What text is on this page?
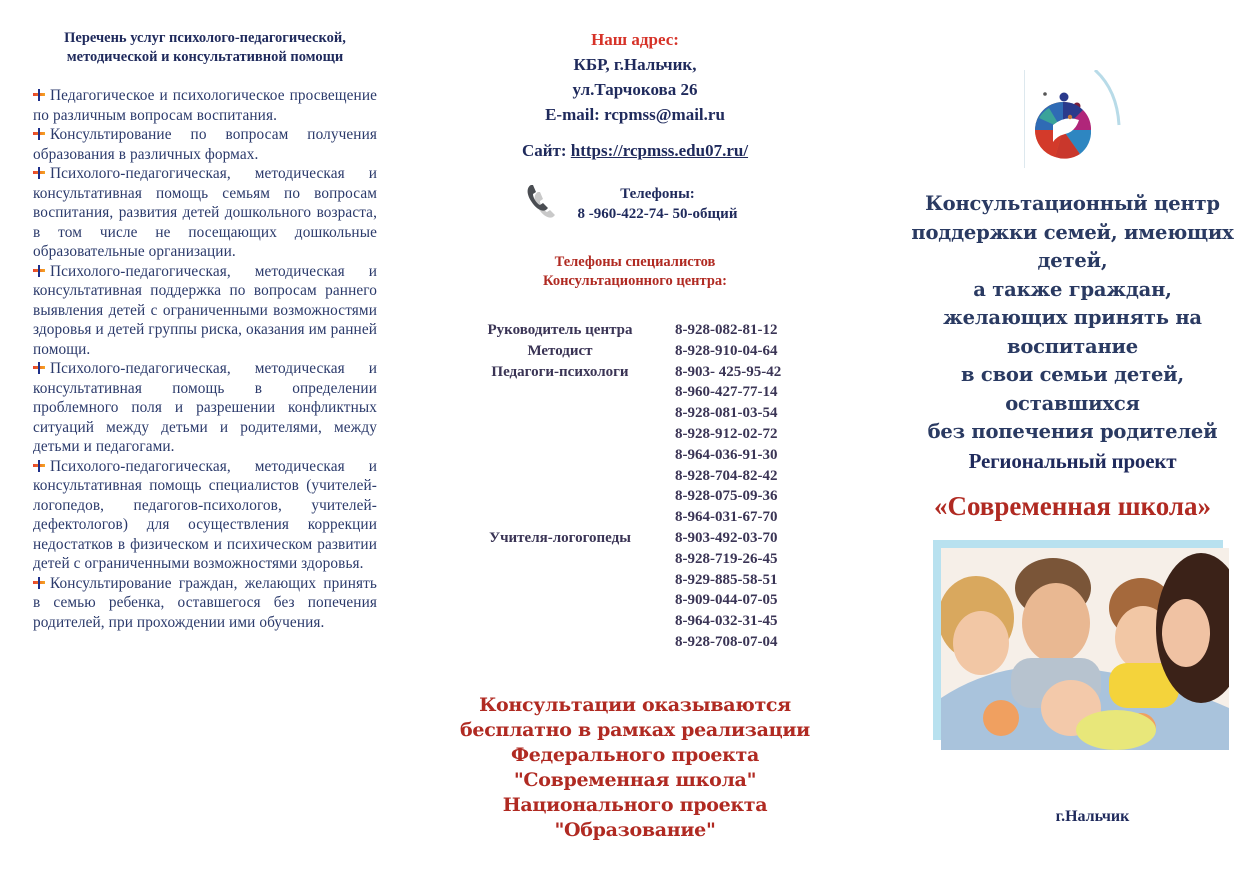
Перечень услуг психолого-педагогической,
методической и консультативной помощи
Педагогическое и психологическое просвещение по различным вопросам воспитания.
Консультирование по вопросам получения образования в различных формах.
Психолого-педагогическая, методическая и консультативная помощь семьям по вопросам воспитания, развития детей дошкольного возраста, в том числе не посещающих дошкольные образовательные организации.
Психолого-педагогическая, методическая и консультативная поддержка по вопросам раннего выявления детей с ограниченными возможностями здоровья и детей группы риска, оказания им ранней помощи.
Психолого-педагогическая, методическая и консультативная помощь в определении проблемного поля и разрешении конфликтных ситуаций между детьми и родителями, между детьми и педагогами.
Психолого-педагогическая, методическая и консультативная помощь специалистов (учителей-логопедов, педагогов-психологов, учителей-дефектологов) для осуществления коррекции недостатков в физическом и психическом развитии детей с ограниченными возможностями здоровья.
Консультирование граждан, желающих принять в семью ребенка, оставшегося без попечения родителей, при прохождении ими обучения.
Наш адрес:
КБР, г.Нальчик,
ул.Тарчокова 26
E-mail: rcpmss@mail.ru
Сайт: https://rcpmss.edu07.ru/
Телефоны:
8 -960-422-74- 50-общий
Телефоны специалистов
Консультационного центра:
Руководитель центра	8-928-082-81-12
Методист	8-928-910-04-64
Педагоги-психологи	8-903- 425-95-42
8-960-427-77-14
8-928-081-03-54
8-928-912-02-72
8-964-036-91-30
8-928-704-82-42
8-928-075-09-36
8-964-031-67-70
Учителя-логогопеды	8-903-492-03-70
8-928-719-26-45
8-929-885-58-51
8-909-044-07-05
8-964-032-31-45
8-928-708-07-04
Консультации оказываются
бесплатно в рамках реализации
Федерального проекта
"Современная школа"
Национального проекта
"Образование"
Консультационный центр
поддержки семей, имеющих
детей,
а также граждан,
желающих принять на
воспитание
в свои семьи детей,
оставшихся
без попечения родителей
Региональный проект
«Современная школа»
г.Нальчик
